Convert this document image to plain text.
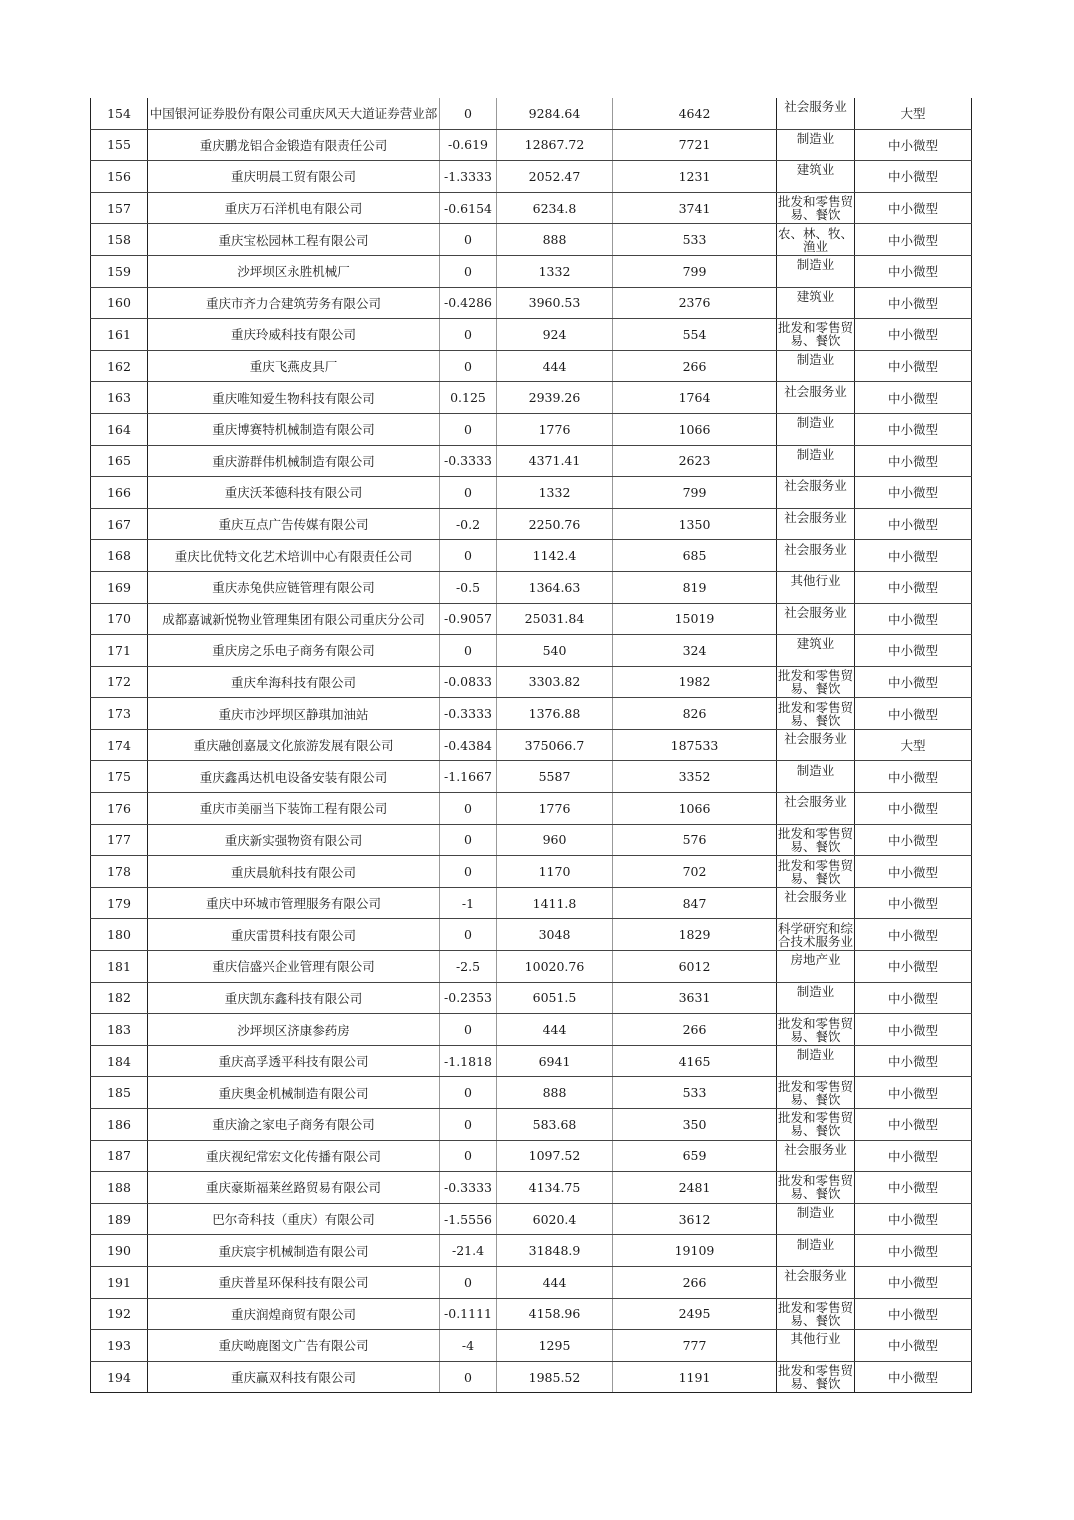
154	中国银河证券股份有限公司重庆风天大道证券营业部	0	9284.64	4642	社会服务业	大型
155	重庆鹏龙铝合金锻造有限责任公司	-0.619	12867.72	7721	制造业	中小微型
156	重庆明晨工贸有限公司	-1.3333	2052.47	1231	建筑业	中小微型
157	重庆万石洋机电有限公司	-0.6154	6234.8	3741	批发和零售贸易、餐饮	中小微型
158	重庆宝松园林工程有限公司	0	888	533	农、林、牧、渔业	中小微型
159	沙坪坝区永胜机械厂	0	1332	799	制造业	中小微型
160	重庆市齐力合建筑劳务有限公司	-0.4286	3960.53	2376	建筑业	中小微型
161	重庆玲威科技有限公司	0	924	554	批发和零售贸易、餐饮	中小微型
162	重庆飞燕皮具厂	0	444	266	制造业	中小微型
163	重庆唯知爱生物科技有限公司	0.125	2939.26	1764	社会服务业	中小微型
164	重庆博赛特机械制造有限公司	0	1776	1066	制造业	中小微型
165	重庆游群伟机械制造有限公司	-0.3333	4371.41	2623	制造业	中小微型
166	重庆沃苯德科技有限公司	0	1332	799	社会服务业	中小微型
167	重庆互点广告传媒有限公司	-0.2	2250.76	1350	社会服务业	中小微型
168	重庆比优特文化艺术培训中心有限责任公司	0	1142.4	685	社会服务业	中小微型
169	重庆赤兔供应链管理有限公司	-0.5	1364.63	819	其他行业	中小微型
170	成都嘉诚新悦物业管理集团有限公司重庆分公司	-0.9057	25031.84	15019	社会服务业	中小微型
171	重庆房之乐电子商务有限公司	0	540	324	建筑业	中小微型
172	重庆牟海科技有限公司	-0.0833	3303.82	1982	批发和零售贸易、餐饮	中小微型
173	重庆市沙坪坝区静琪加油站	-0.3333	1376.88	826	批发和零售贸易、餐饮	中小微型
174	重庆融创嘉晟文化旅游发展有限公司	-0.4384	375066.7	187533	社会服务业	大型
175	重庆鑫禹达机电设备安装有限公司	-1.1667	5587	3352	制造业	中小微型
176	重庆市美丽当下装饰工程有限公司	0	1776	1066	社会服务业	中小微型
177	重庆新实强物资有限公司	0	960	576	批发和零售贸易、餐饮	中小微型
178	重庆晨航科技有限公司	0	1170	702	批发和零售贸易、餐饮	中小微型
179	重庆中环城市管理服务有限公司	-1	1411.8	847	社会服务业	中小微型
180	重庆雷贯科技有限公司	0	3048	1829	科学研究和综合技术服务业	中小微型
181	重庆信盛兴企业管理有限公司	-2.5	10020.76	6012	房地产业	中小微型
182	重庆凯东鑫科技有限公司	-0.2353	6051.5	3631	制造业	中小微型
183	沙坪坝区济康参药房	0	444	266	批发和零售贸易、餐饮	中小微型
184	重庆高孚透平科技有限公司	-1.1818	6941	4165	制造业	中小微型
185	重庆奥金机械制造有限公司	0	888	533	批发和零售贸易、餐饮	中小微型
186	重庆渝之家电子商务有限公司	0	583.68	350	批发和零售贸易、餐饮	中小微型
187	重庆视纪常宏文化传播有限公司	0	1097.52	659	社会服务业	中小微型
188	重庆豪斯福莱丝路贸易有限公司	-0.3333	4134.75	2481	批发和零售贸易、餐饮	中小微型
189	巴尔奇科技（重庆）有限公司	-1.5556	6020.4	3612	制造业	中小微型
190	重庆宸宇机械制造有限公司	-21.4	31848.9	19109	制造业	中小微型
191	重庆普星环保科技有限公司	0	444	266	社会服务业	中小微型
192	重庆润煌商贸有限公司	-0.1111	4158.96	2495	批发和零售贸易、餐饮	中小微型
193	重庆呦鹿图文广告有限公司	-4	1295	777	其他行业	中小微型
194	重庆赢双科技有限公司	0	1985.52	1191	批发和零售贸易、餐饮	中小微型
